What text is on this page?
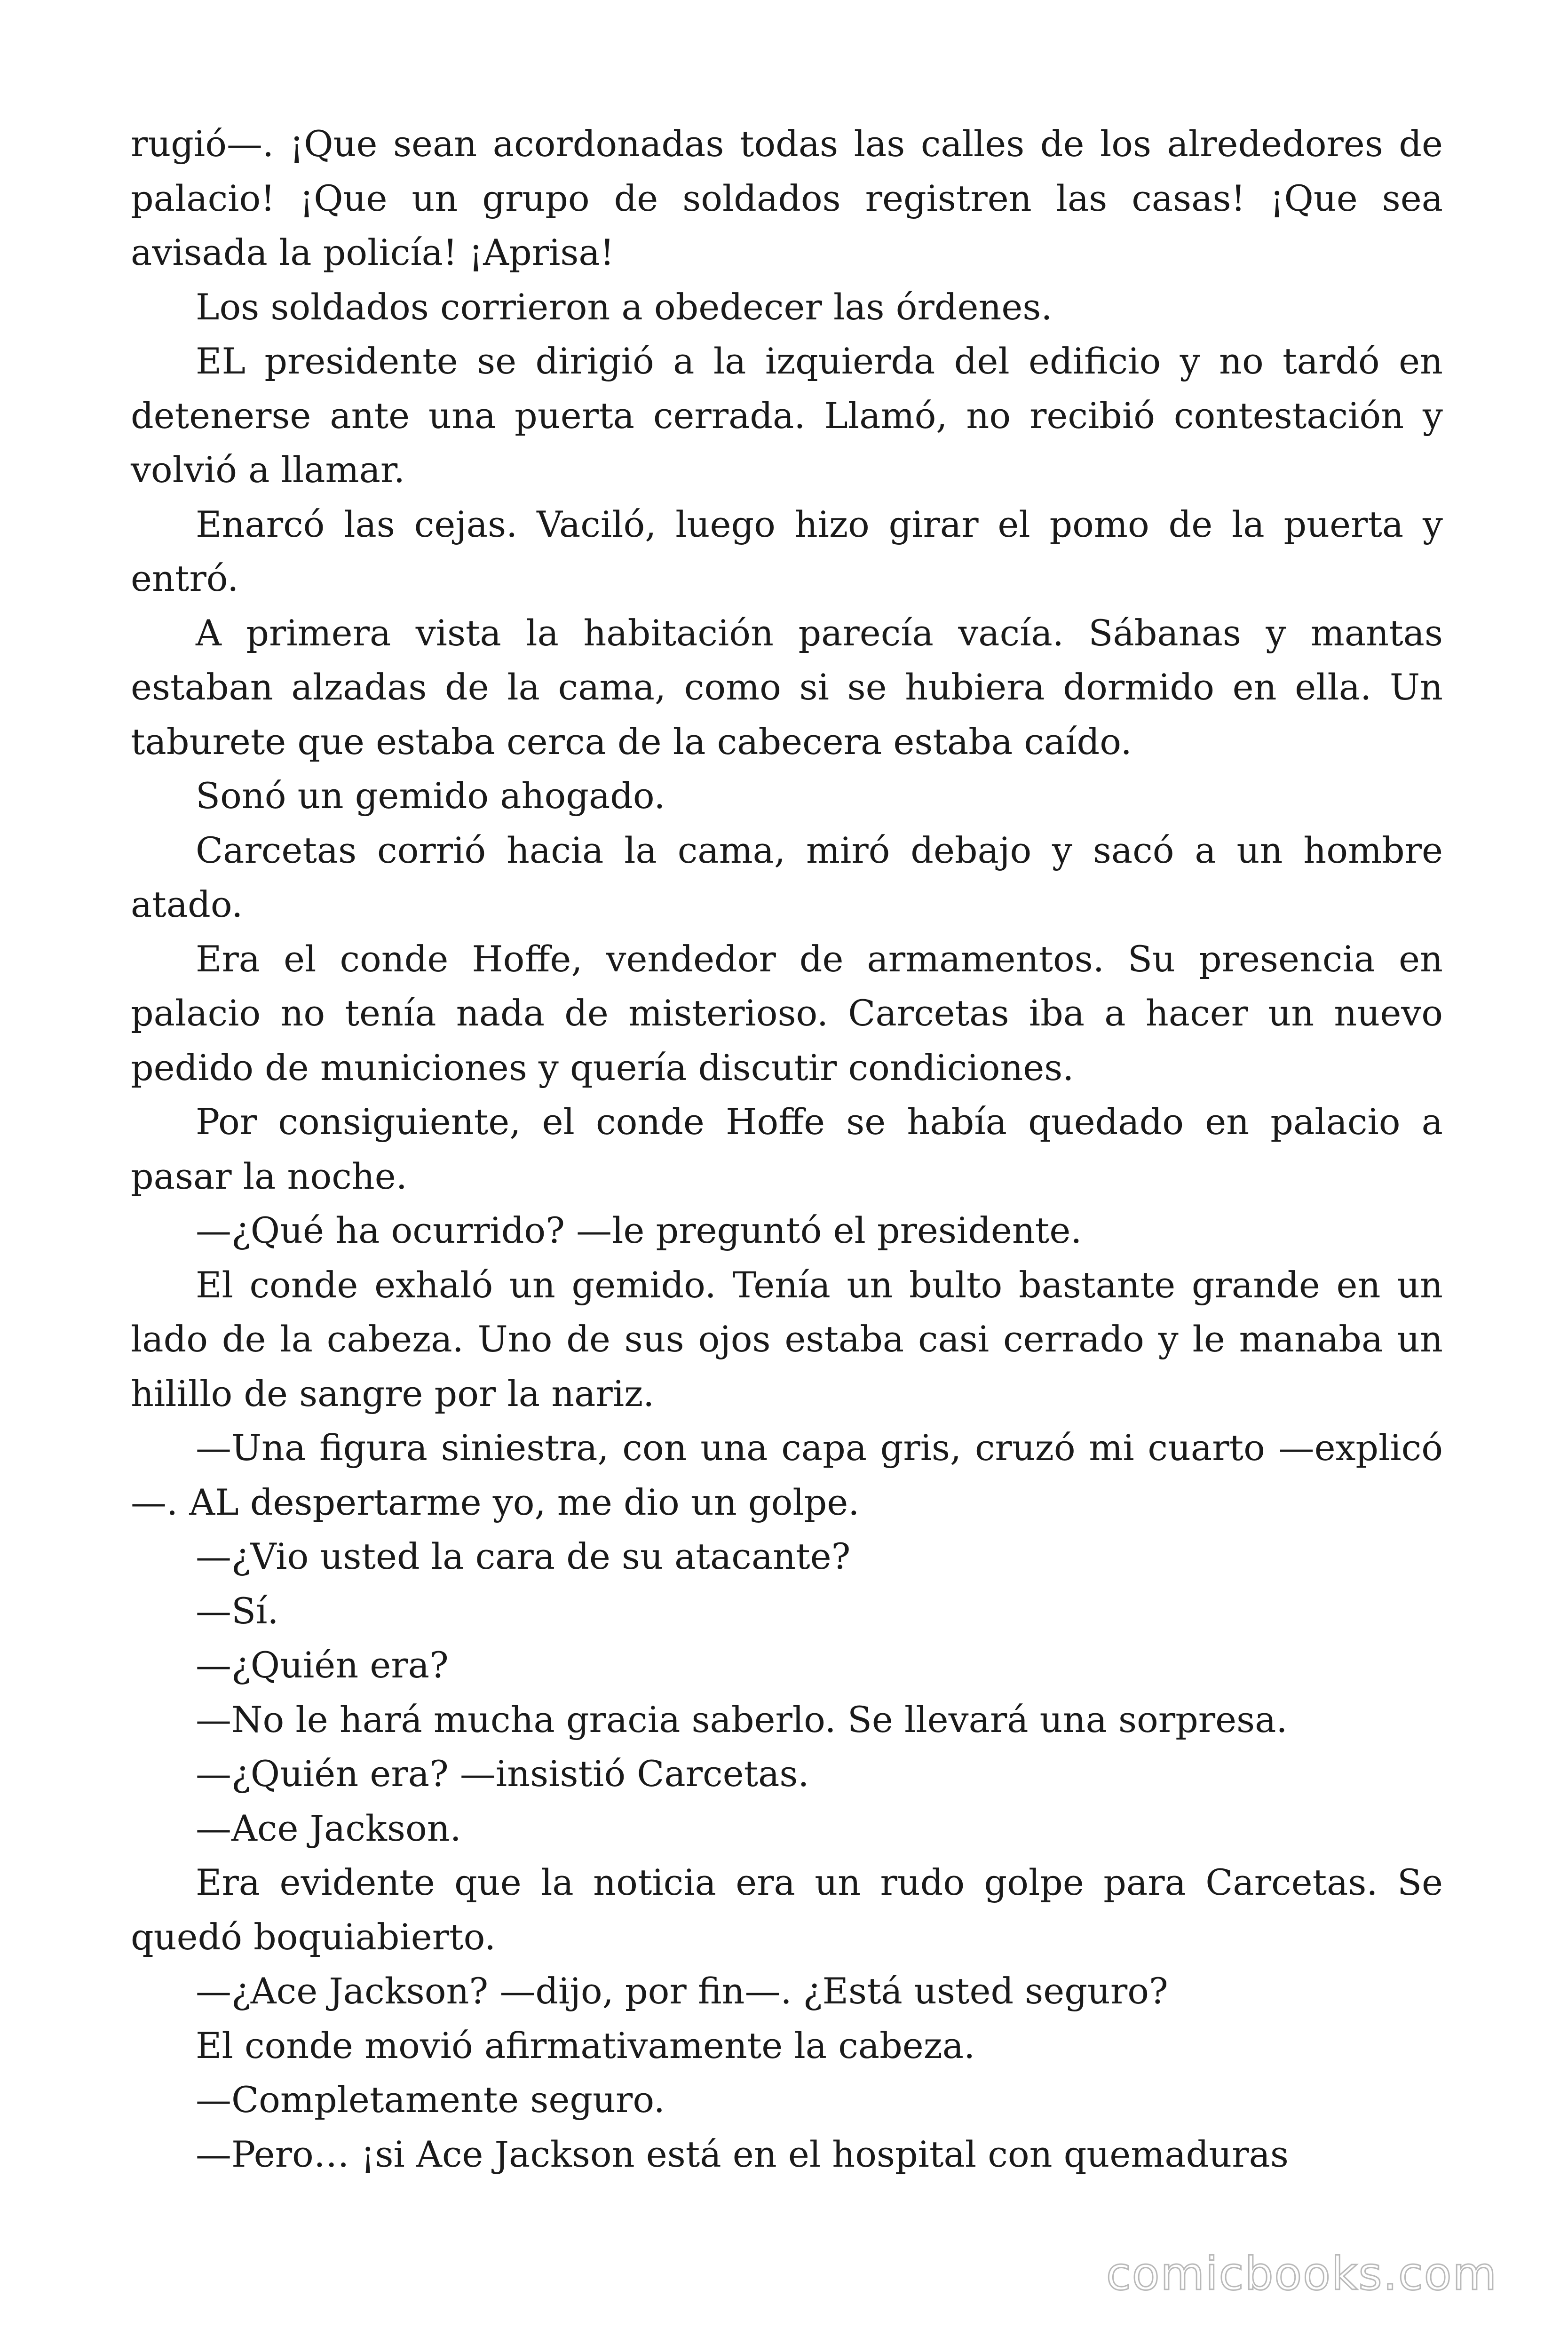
rugió—. ¡Que sean acordonadas todas las calles de los alrededores de palacio! ¡Que un grupo de soldados registren las casas! ¡Que sea avisada la policía! ¡Aprisa!

Los soldados corrieron a obedecer las órdenes.

EL presidente se dirigió a la izquierda del edificio y no tardó en detenerse ante una puerta cerrada. Llamó, no recibió contestación y volvió a llamar.

Enarcó las cejas. Vaciló, luego hizo girar el pomo de la puerta y entró.

A primera vista la habitación parecía vacía. Sábanas y mantas estaban alzadas de la cama, como si se hubiera dormido en ella. Un taburete que estaba cerca de la cabecera estaba caído.

Sonó un gemido ahogado.

Carcetas corrió hacia la cama, miró debajo y sacó a un hombre atado.

Era el conde Hoffe, vendedor de armamentos. Su presencia en palacio no tenía nada de misterioso. Carcetas iba a hacer un nuevo pedido de municiones y quería discutir condiciones.

Por consiguiente, el conde Hoffe se había quedado en palacio a pasar la noche.

—¿Qué ha ocurrido? —le preguntó el presidente.

El conde exhaló un gemido. Tenía un bulto bastante grande en un lado de la cabeza. Uno de sus ojos estaba casi cerrado y le manaba un hilillo de sangre por la nariz.

—Una figura siniestra, con una capa gris, cruzó mi cuarto —explicó—. AL despertarme yo, me dio un golpe.

—¿Vio usted la cara de su atacante?

—Sí.

—¿Quién era?

—No le hará mucha gracia saberlo. Se llevará una sorpresa.

—¿Quién era? —insistió Carcetas.

—Ace Jackson.

Era evidente que la noticia era un rudo golpe para Carcetas. Se quedó boquiabierto.

—¿Ace Jackson? —dijo, por fin—. ¿Está usted seguro?

El conde movió afirmativamente la cabeza.

—Completamente seguro.

—Pero… ¡si Ace Jackson está en el hospital con quemaduras

comicbooks.com
